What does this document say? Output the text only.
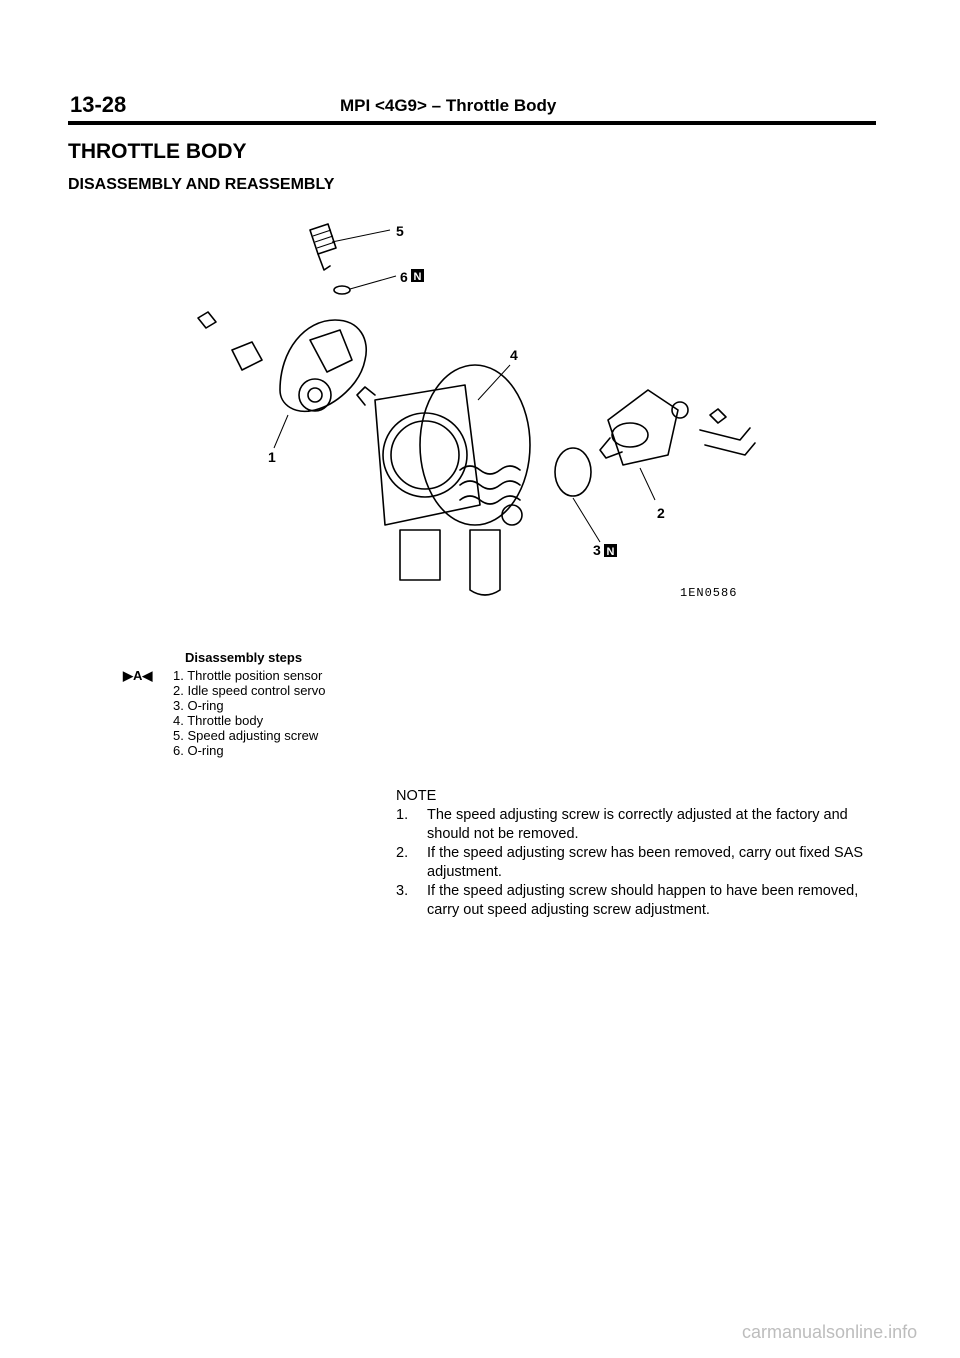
13-28	MPI <4G9> – Throttle Body
THROTTLE BODY
DISASSEMBLY AND REASSEMBLY
5
6 N
1
4
3 N
2
1EN0586
Disassembly steps
▶A◀ 1. Throttle position sensor
2. Idle speed control servo
3. O-ring
4. Throttle body
5. Speed adjusting screw
6. O-ring
NOTE
1.	The speed adjusting screw is correctly adjusted at the factory and should not be removed.
2.	If the speed adjusting screw has been removed, carry out fixed SAS adjustment.
3.	If the speed adjusting screw should happen to have been removed, carry out speed adjusting screw adjustment.
carmanualsonline.info
